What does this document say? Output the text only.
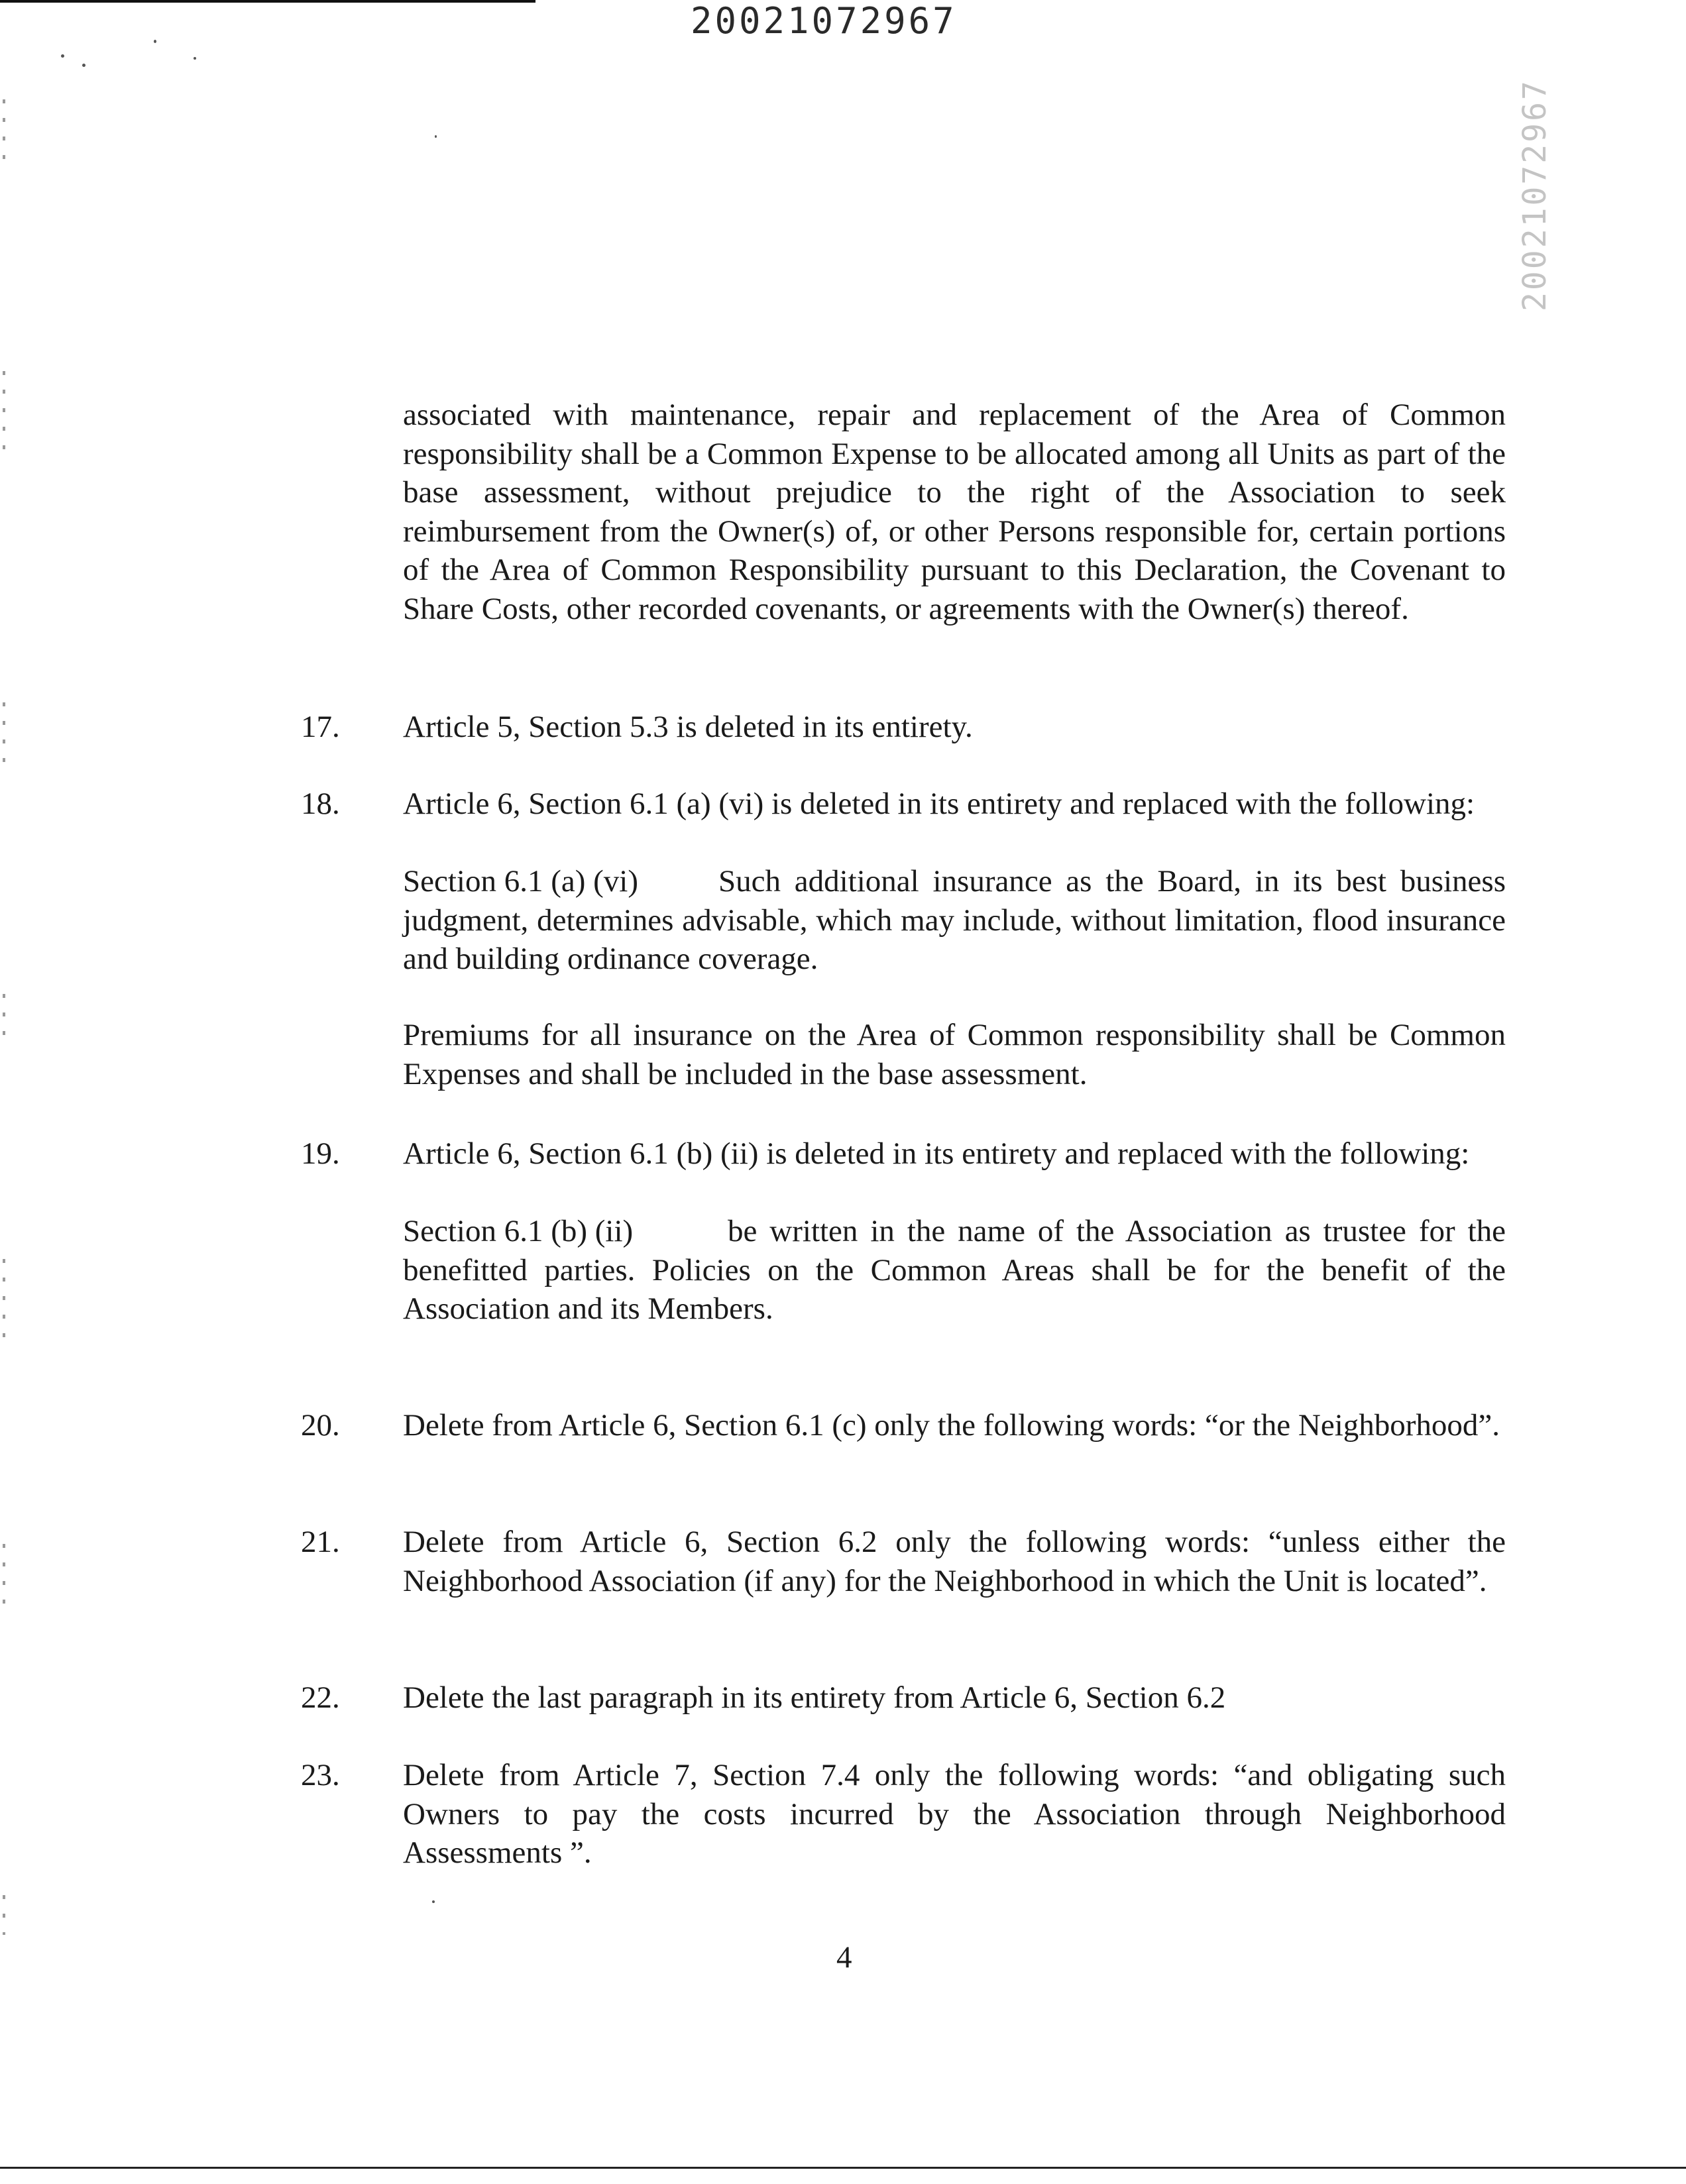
20021072967
20021072967

associated with maintenance, repair and replacement of the Area of Common responsibility shall be a Common Expense to be allocated among all Units as part of the base assessment, without prejudice to the right of the Association to seek reimbursement from the Owner(s) of, or other Persons responsible for, certain portions of the Area of Common Responsibility pursuant to this Declaration, the Covenant to Share Costs, other recorded covenants, or agreements with the Owner(s) thereof.

17. Article 5, Section 5.3 is deleted in its entirety.

18. Article 6, Section 6.1 (a) (vi) is deleted in its entirety and replaced with the following:

Section 6.1 (a) (vi)	Such additional insurance as the Board, in its best business judgment, determines advisable, which may include, without limitation, flood insurance and building ordinance coverage.

Premiums for all insurance on the Area of Common responsibility shall be Common Expenses and shall be included in the base assessment.

19. Article 6, Section 6.1 (b) (ii) is deleted in its entirety and replaced with the following:

Section 6.1 (b) (ii)	be written in the name of the Association as trustee for the benefitted parties. Policies on the Common Areas shall be for the benefit of the Association and its Members.

20. Delete from Article 6, Section 6.1 (c) only the following words: “or the Neighborhood”.

21. Delete from Article 6, Section 6.2 only the following words: “unless either the Neighborhood Association (if any) for the Neighborhood in which the Unit is located”.

22. Delete the last paragraph in its entirety from Article 6, Section 6.2

23. Delete from Article 7, Section 7.4 only the following words: “and obligating such Owners to pay the costs incurred by the Association through Neighborhood Assessments ”.

4
